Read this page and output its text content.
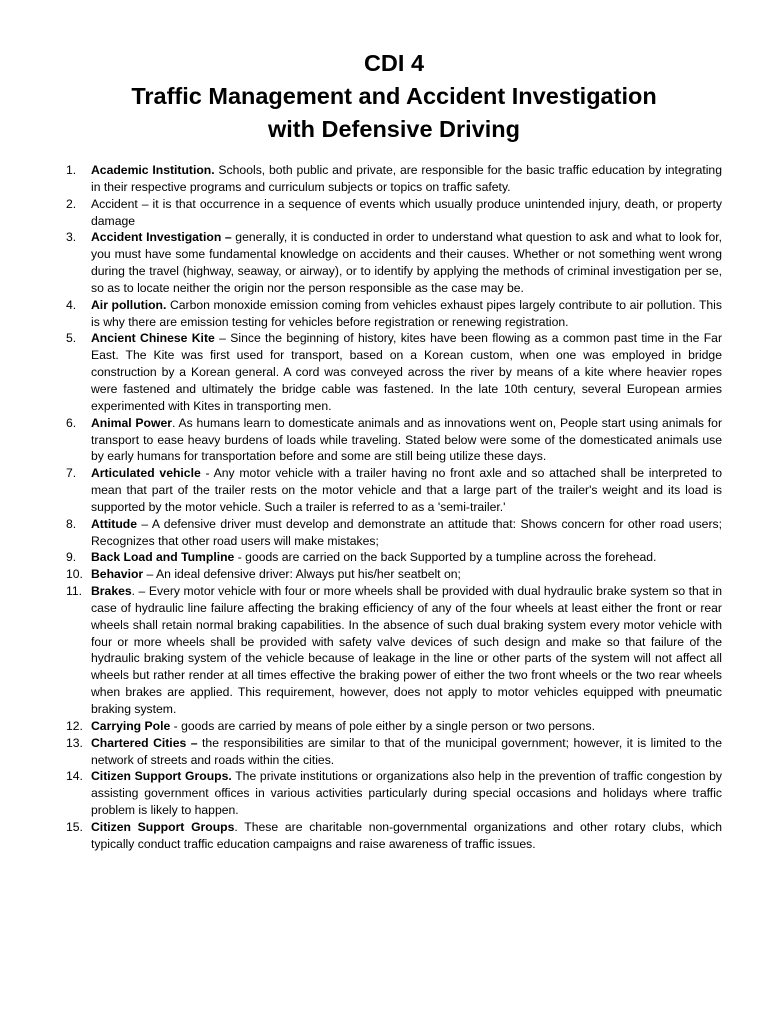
CDI 4
Traffic Management and Accident Investigation
with Defensive Driving
1. Academic Institution. Schools, both public and private, are responsible for the basic traffic education by integrating in their respective programs and curriculum subjects or topics on traffic safety.
2. Accident – it is that occurrence in a sequence of events which usually produce unintended injury, death, or property damage
3. Accident Investigation – generally, it is conducted in order to understand what question to ask and what to look for, you must have some fundamental knowledge on accidents and their causes. Whether or not something went wrong during the travel (highway, seaway, or airway), or to identify by applying the methods of criminal investigation per se, so as to locate neither the origin nor the person responsible as the case may be.
4. Air pollution. Carbon monoxide emission coming from vehicles exhaust pipes largely contribute to air pollution. This is why there are emission testing for vehicles before registration or renewing registration.
5. Ancient Chinese Kite – Since the beginning of history, kites have been flowing as a common past time in the Far East. The Kite was first used for transport, based on a Korean custom, when one was employed in bridge construction by a Korean general. A cord was conveyed across the river by means of a kite where heavier ropes were fastened and ultimately the bridge cable was fastened. In the late 10th century, several European armies experimented with Kites in transporting men.
6. Animal Power. As humans learn to domesticate animals and as innovations went on, People start using animals for transport to ease heavy burdens of loads while traveling. Stated below were some of the domesticated animals use by early humans for transportation before and some are still being utilize these days.
7. Articulated vehicle - Any motor vehicle with a trailer having no front axle and so attached shall be interpreted to mean that part of the trailer rests on the motor vehicle and that a large part of the trailer's weight and its load is supported by the motor vehicle. Such a trailer is referred to as a 'semi-trailer.'
8. Attitude – A defensive driver must develop and demonstrate an attitude that: Shows concern for other road users; Recognizes that other road users will make mistakes;
9. Back Load and Tumpline - goods are carried on the back Supported by a tumpline across the forehead.
10. Behavior – An ideal defensive driver: Always put his/her seatbelt on;
11. Brakes. – Every motor vehicle with four or more wheels shall be provided with dual hydraulic brake system so that in case of hydraulic line failure affecting the braking efficiency of any of the four wheels at least either the front or rear wheels shall retain normal braking capabilities. In the absence of such dual braking system every motor vehicle with four or more wheels shall be provided with safety valve devices of such design and make so that failure of the hydraulic braking system of the vehicle because of leakage in the line or other parts of the system will not affect all wheels but rather render at all times effective the braking power of either the two front wheels or the two rear wheels when brakes are applied. This requirement, however, does not apply to motor vehicles equipped with pneumatic braking system.
12. Carrying Pole - goods are carried by means of pole either by a single person or two persons.
13. Chartered Cities – the responsibilities are similar to that of the municipal government; however, it is limited to the network of streets and roads within the cities.
14. Citizen Support Groups. The private institutions or organizations also help in the prevention of traffic congestion by assisting government offices in various activities particularly during special occasions and holidays where traffic problem is likely to happen.
15. Citizen Support Groups. These are charitable non-governmental organizations and other rotary clubs, which typically conduct traffic education campaigns and raise awareness of traffic issues.
